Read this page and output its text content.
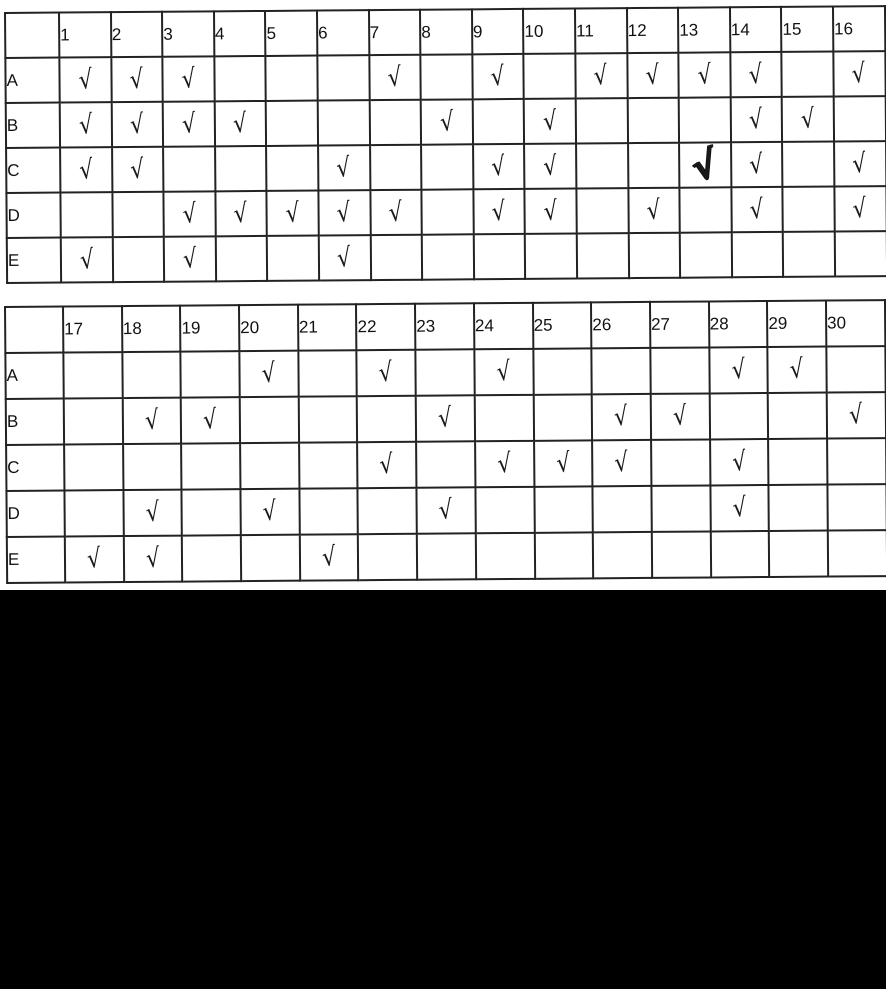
	1	2	3	4	5	6	7	8	9	10	11	12	13	14	15	16
A	√	√	√				√		√		√	√	√	√		√
B	√	√	√	√				√		√				√	√	
C	√	√				√			√	√			√	√		√
D			√	√	√	√	√		√	√		√		√		√
E	√		√			√										
	17	18	19	20	21	22	23	24	25	26	27	28	29	30
A				√		√		√				√	√	
B		√	√				√			√	√			√
C						√		√	√	√		√		
D		√		√			√					√		
E	√	√			√									
